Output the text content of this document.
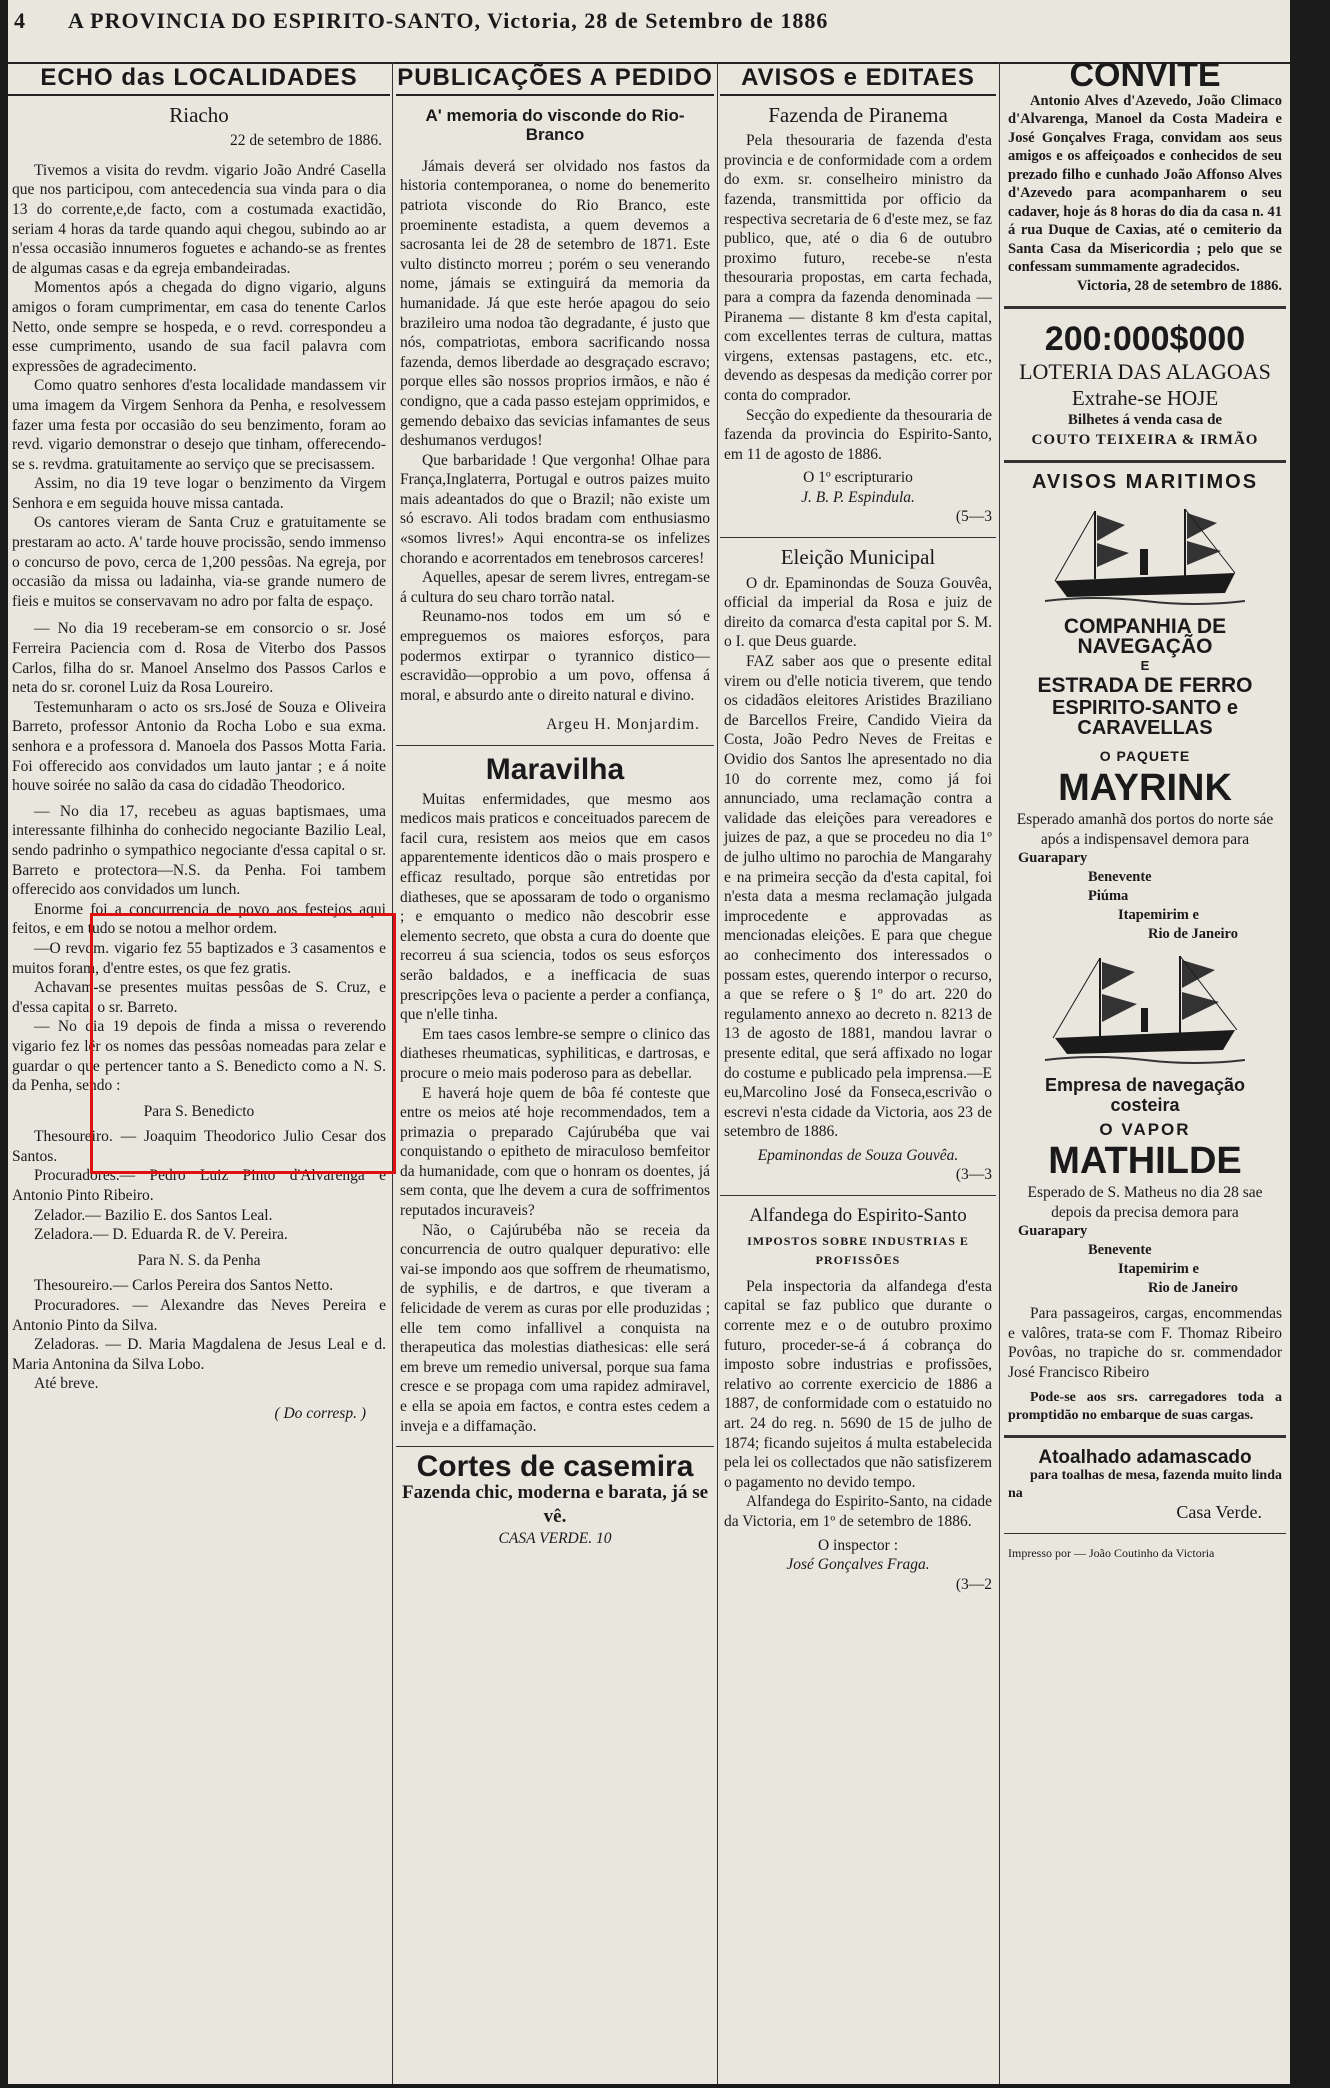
4 A PROVINCIA DO ESPIRITO-SANTO, Victoria, 28 de Setembro de 1886
ECHO das LOCALIDADES
Riacho
22 de setembro de 1886.

Tivemos a visita do revdm. vigario João André Casella que nos participou, com antecedencia sua vinda para o dia 13 do corrente,e,de facto, com a costumada exactidão, seriam 4 horas da tarde quando aqui chegou, subindo ao ar n'essa occasião innumeros foguetes e achando-se as frentes de algumas casas e da egreja embandeiradas.

Momentos após a chegada do digno vigario, alguns amigos o foram cumprimentar, em casa do tenente Carlos Netto, onde sempre se hospeda, e o revd. correspondeu a esse cumprimento, usando de sua facil palavra com expressões de agradecimento.

Como quatro senhores d'esta localidade mandassem vir uma imagem da Virgem Senhora da Penha, e resolvessem fazer uma festa por occasião do seu benzimento, foram ao revd. vigario demonstrar o desejo que tinham, offerecendo-se s. revdma. gratuitamente ao serviço que se precisassem.

Assim, no dia 19 teve logar o benzimento da Virgem Senhora e em seguida houve missa cantada.

Os cantores vieram de Santa Cruz e gratuitamente se prestaram ao acto. A' tarde houve procissão, sendo immenso o concurso de povo, cerca de 1,200 pessôas. Na egreja, por occasião da missa ou ladainha, via-se grande numero de fieis e muitos se conservavam no adro por falta de espaço.

— No dia 19 receberam-se em consorcio o sr. José Ferreira Paciencia com d. Rosa de Viterbo dos Passos Carlos, filha do sr. Manoel Anselmo dos Passos Carlos e neta do sr. coronel Luiz da Rosa Loureiro.

Testemunharam o acto os srs.José de Souza e Oliveira Barreto, professor Antonio da Rocha Lobo e sua exma. senhora e a professora d. Manoela dos Passos Motta Faria. Foi offerecido aos convidados um lauto jantar ; e á noite houve soirée no salão da casa do cidadão Theodorico.

— No dia 17, recebeu as aguas baptismaes, uma interessante filhinha do conhecido negociante Bazilio Leal, sendo padrinho o sympathico negociante d'essa capital o sr. Barreto e protectora—N.S. da Penha. Foi tambem offerecido aos convidados um lunch.

Enorme foi a concurrencia de povo aos festejos aqui feitos, e em tudo se notou a melhor ordem.

—O revdm. vigario fez 55 baptizados e 3 casamentos e muitos foram, d'entre estes, os que fez gratis.

Achavam-se presentes muitas pessôas de S. Cruz, e d'essa capital o sr. Barreto.

— No dia 19 depois de finda a missa o reverendo vigario fez lêr os nomes das pessôas nomeadas para zelar e guardar o que pertencer tanto a S. Benedicto como a N. S. da Penha, sendo :

Para S. Benedicto

Thesoureiro. — Joaquim Theodorico Julio Cesar dos Santos.

Procuradores.— Pedro Luiz Pinto d'Alvarenga e Antonio Pinto Ribeiro.

Zelador.— Bazilio E. dos Santos Leal.

Zeladora.— D. Eduarda R. de V. Pereira.

Para N. S. da Penha

Thesoureiro.— Carlos Pereira dos Santos Netto.

Procuradores. — Alexandre das Neves Pereira e Antonio Pinto da Silva.

Zeladoras. — D. Maria Magdalena de Jesus Leal e d. Maria Antonina da Silva Lobo.

Até breve.

( Do corresp. )
PUBLICAÇÕES A PEDIDO
A' memoria do visconde do Rio-Branco

Jámais deverá ser olvidado nos fastos da historia contemporanea, o nome do benemerito patriota visconde do Rio Branco, este proeminente estadista, a quem devemos a sacrosanta lei de 28 de setembro de 1871. Este vulto distincto morreu ; porém o seu venerando nome, jámais se extinguirá da memoria da humanidade. Já que este heróe apagou do seio brazileiro uma nodoa tão degradante, é justo que nós, compatriotas, embora sacrificando nossa fazenda, demos liberdade ao desgraçado escravo; porque elles são nossos proprios irmãos, e não é condigno, que a cada passo estejam opprimidos, e gemendo debaixo das sevicias infamantes de seus deshumanos verdugos!

Que barbaridade ! Que vergonha! Olhae para França,Inglaterra, Portugal e outros paizes muito mais adeantados do que o Brazil; não existe um só escravo. Ali todos bradam com enthusiasmo «somos livres!» Aqui encontra-se os infelizes chorando e acorrentados em tenebrosos carceres!

Aquelles, apesar de serem livres, entregam-se á cultura do seu charo torrão natal.

Reunamo-nos todos em um só e empreguemos os maiores esforços, para podermos extirpar o tyrannico distico—escravidão—opprobio a um povo, offensa á moral, e absurdo ante o direito natural e divino.

Argeu H. Monjardim.
Maravilha

Muitas enfermidades, que mesmo aos medicos mais praticos e conceituados parecem de facil cura, resistem aos meios que em casos apparentemente identicos dão o mais prospero e efficaz resultado, porque são entretidas por diatheses, que se apossaram de todo o organismo ; e emquanto o medico não descobrir esse elemento secreto, que obsta a cura do doente que recorreu á sua sciencia, todos os seus esforços serão baldados, e a inefficacia de suas prescripções leva o paciente a perder a confiança, que n'elle tinha.

Em taes casos lembre-se sempre o clinico das diatheses rheumaticas, syphiliticas, e dartrosas, e procure o meio mais poderoso para as debellar.

E haverá hoje quem de bôa fé conteste que entre os meios até hoje recommendados, tem a primazia o preparado Cajúrubéba que vai conquistando o epitheto de miraculoso bemfeitor da humanidade, com que o honram os doentes, já sem conta, que lhe devem a cura de soffrimentos reputados incuraveis?

Não, o Cajúrubéba não se receia da concurrencia de outro qualquer depurativo: elle vai-se impondo aos que soffrem de rheumatismo, de syphilis, e de dartros, e que tiveram a felicidade de verem as curas por elle produzidas ; elle tem como infallivel a conquista na therapeutica das molestias diathesicas: elle será em breve um remedio universal, porque sua fama cresce e se propaga com uma rapidez admiravel, e ella se apoia em factos, e contra estes cedem a inveja e a diffamação.

Cortes de casemira
Fazenda chic, moderna e barata, já se vê.
CASA VERDE. 10
AVISOS e EDITAES
Fazenda de Piranema

Pela thesouraria de fazenda d'esta provincia e de conformidade com a ordem do exm. sr. conselheiro ministro da fazenda, transmittida por officio da respectiva secretaria de 6 d'este mez, se faz publico, que, até o dia 6 de outubro proximo futuro, recebe-se n'esta thesouraria propostas, em carta fechada, para a compra da fazenda denominada — Piranema — distante 8 km d'esta capital, com excellentes terras de cultura, mattas virgens, extensas pastagens, etc. etc., devendo as despesas da medição correr por conta do comprador.

Secção do expediente da thesouraria de fazenda da provincia do Espirito-Santo, em 11 de agosto de 1886.

O 1º escripturario
J. B. P. Espindula.
(5—3
Eleição Municipal

O dr. Epaminondas de Souza Gouvêa, official da imperial da Rosa e juiz de direito da comarca d'esta capital por S. M. o I. que Deus guarde.

FAZ saber aos que o presente edital virem ou d'elle noticia tiverem, que tendo os cidadãos eleitores Aristides Braziliano de Barcellos Freire, Candido Vieira da Costa, João Pedro Neves de Freitas e Ovidio dos Santos lhe apresentado no dia 10 do corrente mez, como já foi annunciado, uma reclamação contra a validade das eleições para vereadores e juizes de paz, a que se procedeu no dia 1º de julho ultimo no parochia de Mangarahy e na primeira secção da d'esta capital, foi n'esta data a mesma reclamação julgada improcedente e approvadas as mencionadas eleições. E para que chegue ao conhecimento dos interessados o possam estes, querendo interpor o recurso, a que se refere o § 1º do art. 220 do regulamento annexo ao decreto n. 8213 de 13 de agosto de 1881, mandou lavrar o presente edital, que será affixado no logar do costume e publicado pela imprensa.—E eu,Marcolino José da Fonseca,escrivão o escrevi n'esta cidade da Victoria, aos 23 de setembro de 1886.

Epaminondas de Souza Gouvêa.
(3—3
Alfandega do Espirito-Santo
IMPOSTOS SOBRE INDUSTRIAS E PROFISSÕES

Pela inspectoria da alfandega d'esta capital se faz publico que durante o corrente mez e o de outubro proximo futuro, proceder-se-á á cobrança do imposto sobre industrias e profissões, relativo ao corrente exercicio de 1886 a 1887, de conformidade com o estatuido no art. 24 do reg. n. 5690 de 15 de julho de 1874; ficando sujeitos á multa estabelecida pela lei os collectados que não satisfizerem o pagamento no devido tempo.

Alfandega do Espirito-Santo, na cidade da Victoria, em 1º de setembro de 1886.

O inspector :
José Gonçalves Fraga.
(3—2
CONVITE

Antonio Alves d'Azevedo, João Climaco d'Alvarenga, Manoel da Costa Madeira e José Gonçalves Fraga, convidam aos seus amigos e os affeiçoados e conhecidos de seu prezado filho e cunhado João Affonso Alves d'Azevedo para acompanharem o seu cadaver, hoje ás 8 horas do dia da casa n. 41 á rua Duque de Caxias, até o cemiterio da Santa Casa da Misericordia ; pelo que se confessam summamente agradecidos.

Victoria, 28 de setembro de 1886.
200:000$000
LOTERIA DAS ALAGOAS
Extrahe-se HOJE
Bilhetes á venda casa de
COUTO TEIXEIRA & IRMÃO
AVISOS MARITIMOS
COMPANHIA DE NAVEGAÇÃO
E
ESTRADA DE FERRO
ESPIRITO-SANTO e CARAVELLAS
O PAQUETE
MAYRINK

Esperado amanhã dos portos do norte sáe após a indispensavel demora para

Guarapary
Benevente
Piúma
Itapemirim e
Rio de Janeiro
Empresa de navegação costeira
O VAPOR
MATHILDE

Esperado de S. Matheus no dia 28 sae depois da precisa demora para

Guarapary
Benevente
Itapemirim e
Rio de Janeiro

Para passageiros, cargas, encommendas e valôres, trata-se com F. Thomaz Ribeiro Povôas, no trapiche do sr. commendador José Francisco Ribeiro

Pode-se aos srs. carregadores toda a promptidão no embarque de suas cargas.

Atoalhado adamascado

para toalhas de mesa, fazenda muito linda na

Casa Verde.
Impresso por — João Coutinho da Victoria
